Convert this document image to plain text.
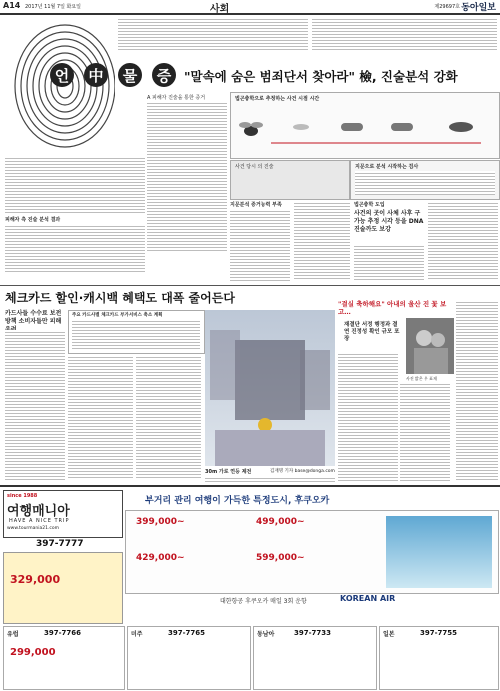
A14 2017년 11월 7일 화요일	사회	제29697호 동아일보
언	中	물	증	"말속에 숨은 범죄단서 찾아라" 檢, 진술분석 강화
A 피해자 진술을 통한 증거	법곤충학으로 추정하는 사건 시점 시간
사건 당시 의 진술	지문으로 분석 시작하는 검사
피해자 측 진술 분석 결과
지문분석 증거능력 부족	법곤충학 도입
사건의 곳이 사체 사후 구 가능 추정 시각 등을 DNA 진술까도 보강
체크카드 할인·캐시백 혜택도 대폭 줄어든다
카드사들 수수료 보전 방책 소비자들만 피해
주요 카드사별 체크카드 부가서비스 축소 계획
30m 가로 연등 제전	김재명 기자 base@donga.com
"결실 축하해요" 아내의 울산 진 꽃 보고…
재결단 서정 행정과 결 연 진정성 확인 규모 포장
사진 밝은 우 표재
since 1988
여행매니아
HAVE A NICE TRIP
www.tourmania21.com
397-7777
329,000
부거리 관리 여행이 가득한 특정도시, 후쿠오카
399,000~	499,000~
429,000~	599,000~
대한항공 후쿠오카 매일 3회 운항	KOREAN AIR
유럽	397-7766
299,000
미주	397-7765	동남아	397-7733	일본	397-7755
